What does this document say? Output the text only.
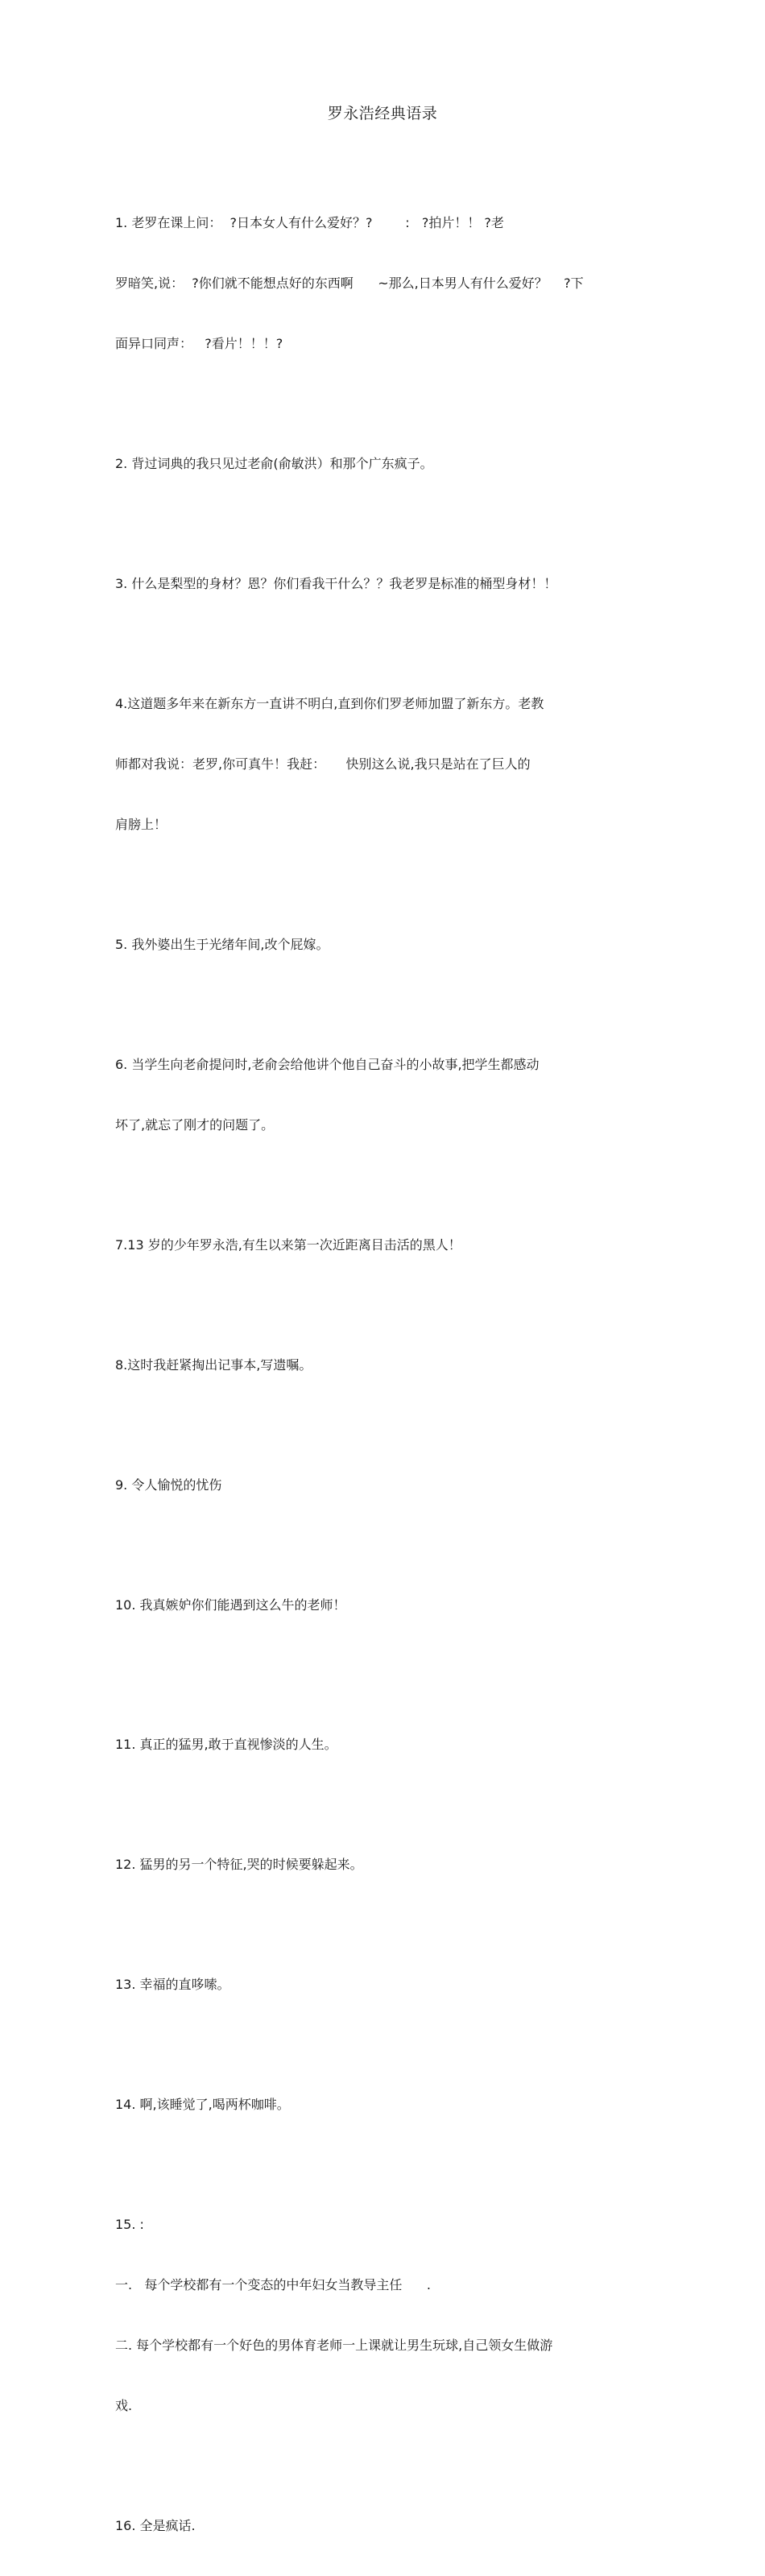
罗永浩经典语录

1. 老罗在课上问：  ?日本女人有什么爱好？?        :   ?拍片！！ ?老

罗暗笑,说：  ?你们就不能想点好的东西啊      ~那么,日本男人有什么爱好？    ?下

面异口同声：   ?看片！！！?

2. 背过词典的我只见过老俞(俞敏洪）和那个广东疯子。

3. 什么是梨型的身材？恩？你们看我干什么？？我老罗是标准的桶型身材！！

4.这道题多年来在新东方一直讲不明白,直到你们罗老师加盟了新东方。老教

师都对我说：老罗,你可真牛！我赶：     快别这么说,我只是站在了巨人的

肩膀上！

5. 我外婆出生于光绪年间,改个屁嫁。

6. 当学生向老俞提问时,老俞会给他讲个他自己奋斗的小故事,把学生都感动

坏了,就忘了刚才的问题了。

7.13 岁的少年罗永浩,有生以来第一次近距离目击活的黑人！

8.这时我赶紧掏出记事本,写遗嘱。

9. 令人愉悦的忧伤

10. 我真嫉妒你们能遇到这么牛的老师！

11. 真正的猛男,敢于直视惨淡的人生。

12. 猛男的另一个特征,哭的时候要躲起来。

13. 幸福的直哆嗦。

14. 啊,该睡觉了,喝两杯咖啡。

15. :

一.   每个学校都有一个变态的中年妇女当教导主任      .

二. 每个学校都有一个好色的男体育老师一上课就让男生玩球,自己领女生做游

戏.

16. 全是疯话.
